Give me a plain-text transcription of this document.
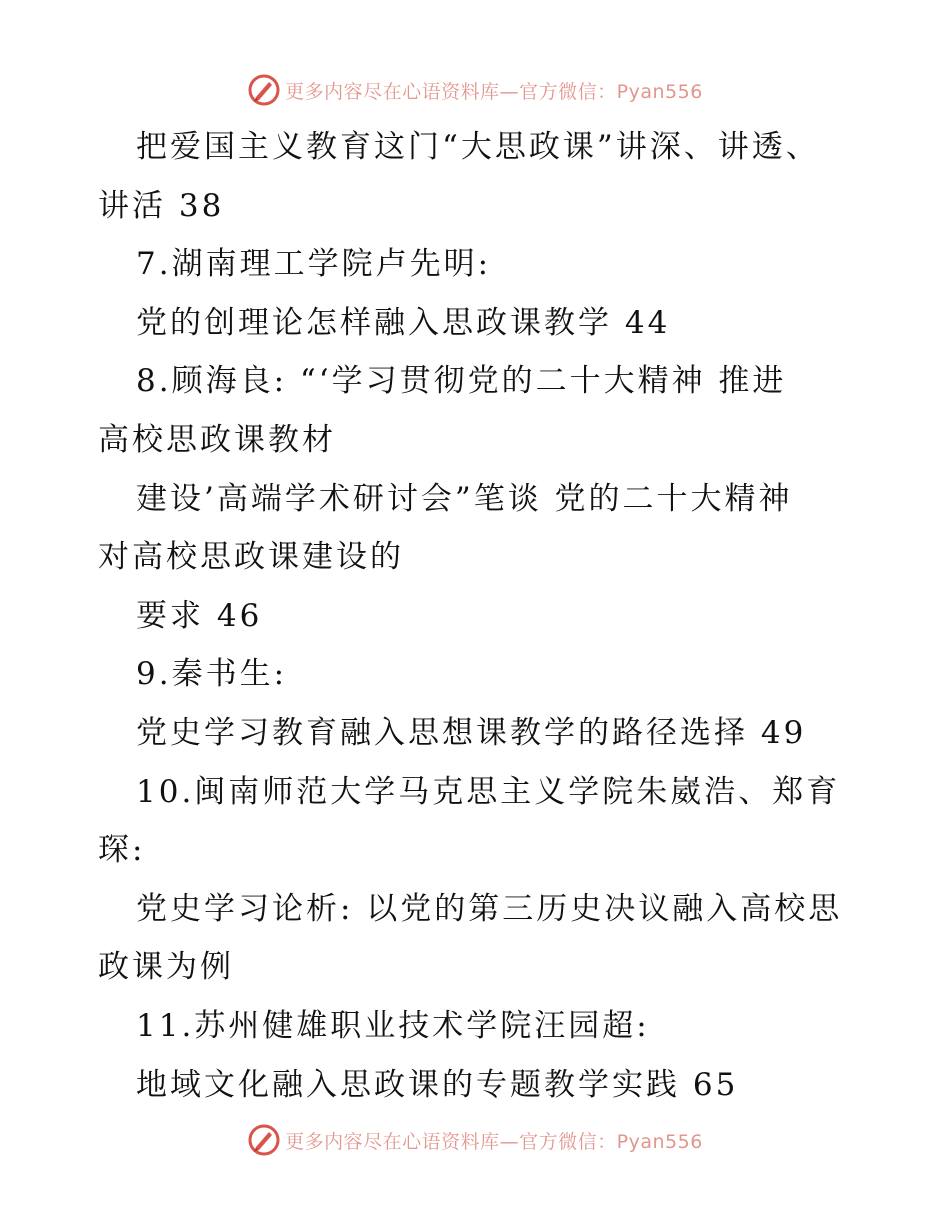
更多内容尽在心语资料库—官方微信：Pyan556
把爱国主义教育这门“大思政课”讲深、讲透、
讲活 38
7.湖南理工学院卢先明:
党的创理论怎样融入思政课教学 44
8.顾海良: “‘学习贯彻党的二十大精神 推进
高校思政课教材
建设’高端学术研讨会”笔谈 党的二十大精神
对高校思政课建设的
要求 46
9.秦书生:
党史学习教育融入思想课教学的路径选择 49
10.闽南师范大学马克思主义学院朱崴浩、郑育
琛:
党史学习论析: 以党的第三历史决议融入高校思
政课为例
11.苏州健雄职业技术学院汪园超:
地域文化融入思政课的专题教学实践 65
更多内容尽在心语资料库—官方微信：Pyan556
